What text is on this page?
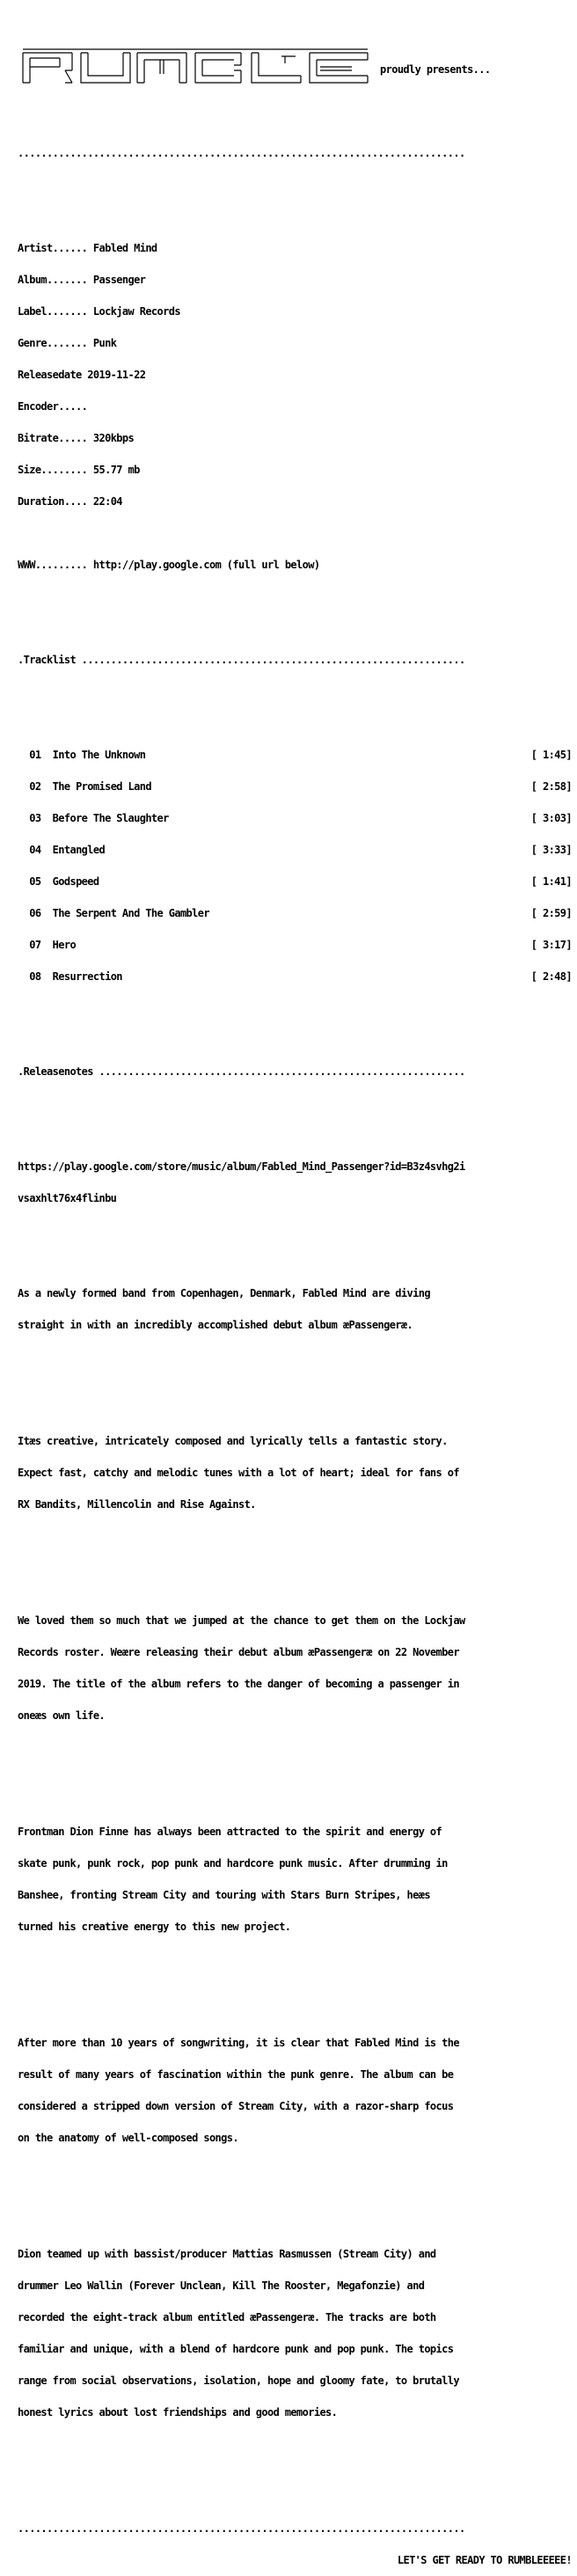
proudly presents...

.............................................................................

Artist...... Fabled Mind

Album....... Passenger

Label....... Lockjaw Records

Genre....... Punk

Releasedate 2019-11-22

Encoder.....

Bitrate..... 320kbps

Size........ 55.77 mb

Duration.... 22:04

WWW......... http://play.google.com (full url below)

.Tracklist ..................................................................

01 Into The Unknown	[ 1:45]

02 The Promised Land	[ 2:58]

03 Before The Slaughter	[ 3:03]

04 Entangled	[ 3:33]

05 Godspeed	[ 1:41]

06 The Serpent And The Gambler	[ 2:59]

07 Hero	[ 3:17]

08 Resurrection	[ 2:48]

.Releasenotes ...............................................................

https://play.google.com/store/music/album/Fabled_Mind_Passenger?id=B3z4svhg2i

vsaxhlt76x4flinbu

As a newly formed band from Copenhagen, Denmark, Fabled Mind are diving

straight in with an incredibly accomplished debut album æPassengeræ.

Itæs creative, intricately composed and lyrically tells a fantastic story.

Expect fast, catchy and melodic tunes with a lot of heart; ideal for fans of

RX Bandits, Millencolin and Rise Against.

We loved them so much that we jumped at the chance to get them on the Lockjaw

Records roster. Weære releasing their debut album æPassengeræ on 22 November

2019. The title of the album refers to the danger of becoming a passenger in

oneæs own life.

Frontman Dion Finne has always been attracted to the spirit and energy of

skate punk, punk rock, pop punk and hardcore punk music. After drumming in

Banshee, fronting Stream City and touring with Stars Burn Stripes, heæs

turned his creative energy to this new project.

After more than 10 years of songwriting, it is clear that Fabled Mind is the

result of many years of fascination within the punk genre. The album can be

considered a stripped down version of Stream City, with a razor-sharp focus

on the anatomy of well-composed songs.

Dion teamed up with bassist/producer Mattias Rasmussen (Stream City) and

drummer Leo Wallin (Forever Unclean, Kill The Rooster, Megafonzie) and

recorded the eight-track album entitled æPassengeræ. The tracks are both

familiar and unique, with a blend of hardcore punk and pop punk. The topics

range from social observations, isolation, hope and gloomy fate, to brutally

honest lyrics about lost friendships and good memories.

.............................................................................

LET'S GET READY TO RUMBLEEEEE!
